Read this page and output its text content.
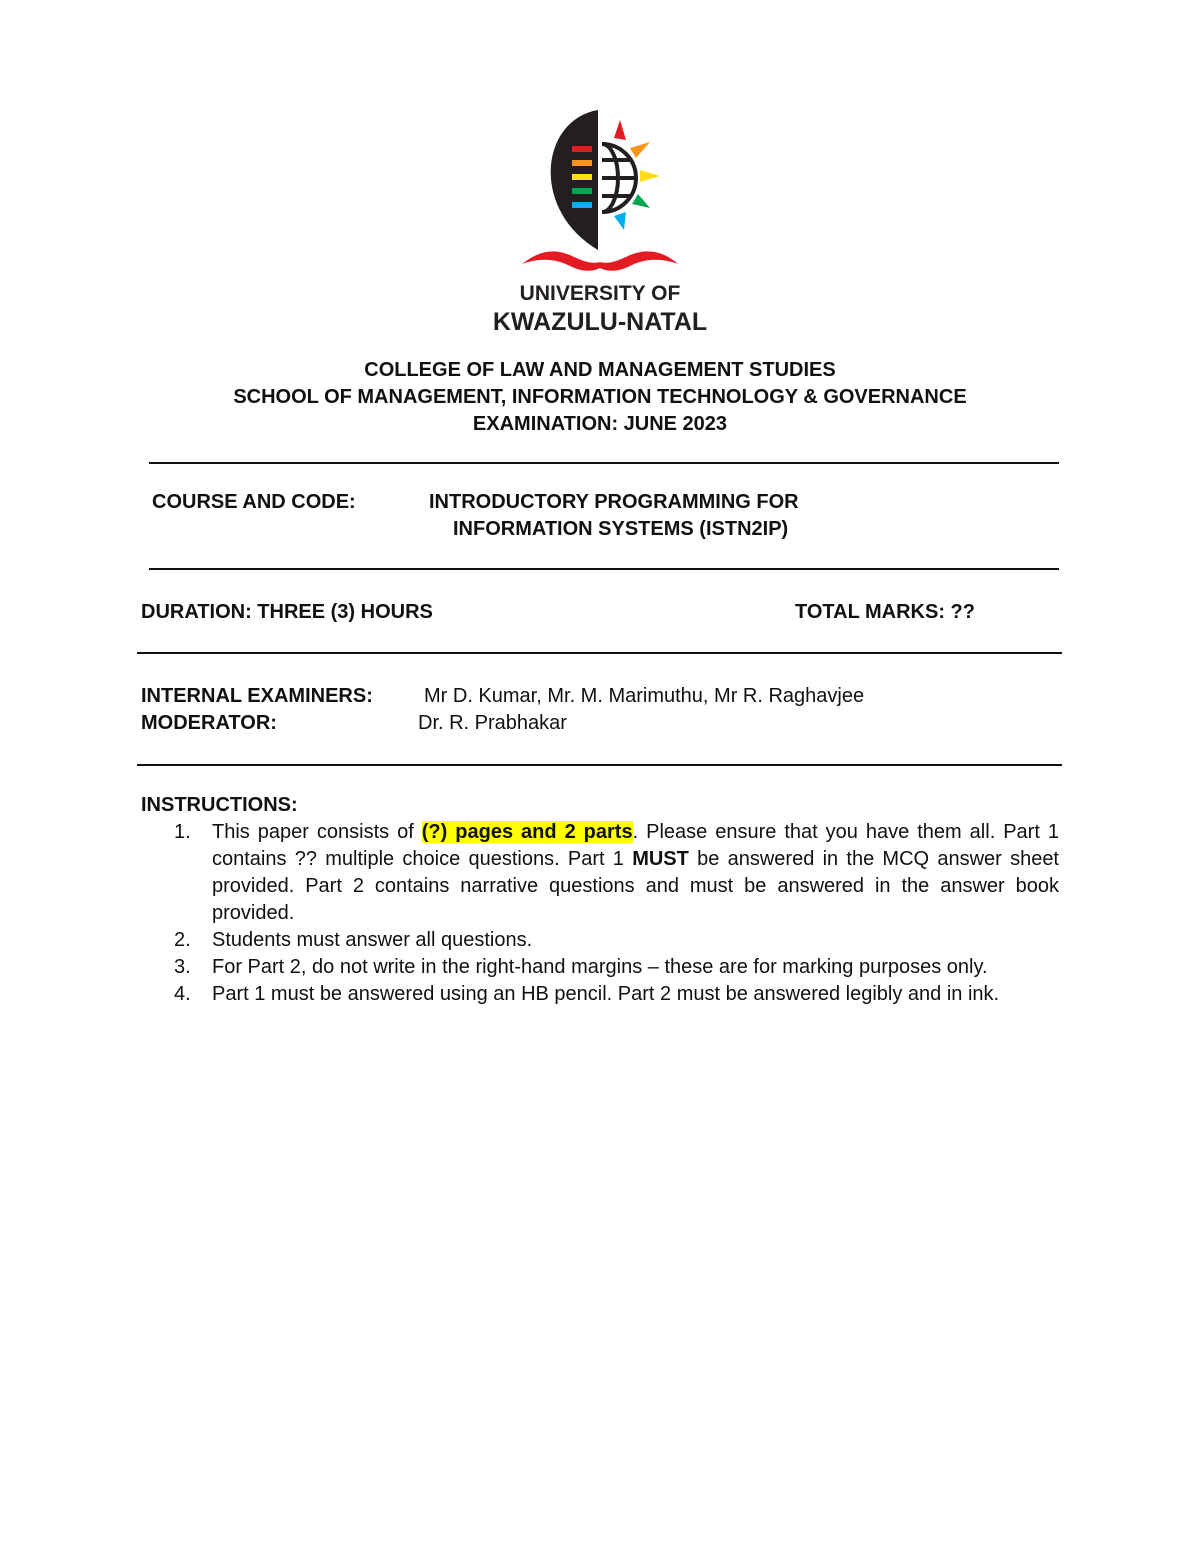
UNIVERSITY OF
KWAZULU-NATAL
COLLEGE OF LAW AND MANAGEMENT STUDIES
SCHOOL OF MANAGEMENT, INFORMATION TECHNOLOGY & GOVERNANCE
EXAMINATION: JUNE 2023
COURSE AND CODE:	INTRODUCTORY PROGRAMMING FOR
INFORMATION SYSTEMS (ISTN2IP)
DURATION: THREE (3) HOURS	TOTAL MARKS: ??
INTERNAL EXAMINERS:	Mr D. Kumar, Mr. M. Marimuthu, Mr R. Raghavjee
MODERATOR:	Dr. R. Prabhakar
INSTRUCTIONS:
1. This paper consists of (?) pages and 2 parts. Please ensure that you have them all. Part 1 contains ?? multiple choice questions. Part 1 MUST be answered in the MCQ answer sheet provided. Part 2 contains narrative questions and must be answered in the answer book provided.
2. Students must answer all questions.
3. For Part 2, do not write in the right-hand margins – these are for marking purposes only.
4. Part 1 must be answered using an HB pencil. Part 2 must be answered legibly and in ink.
